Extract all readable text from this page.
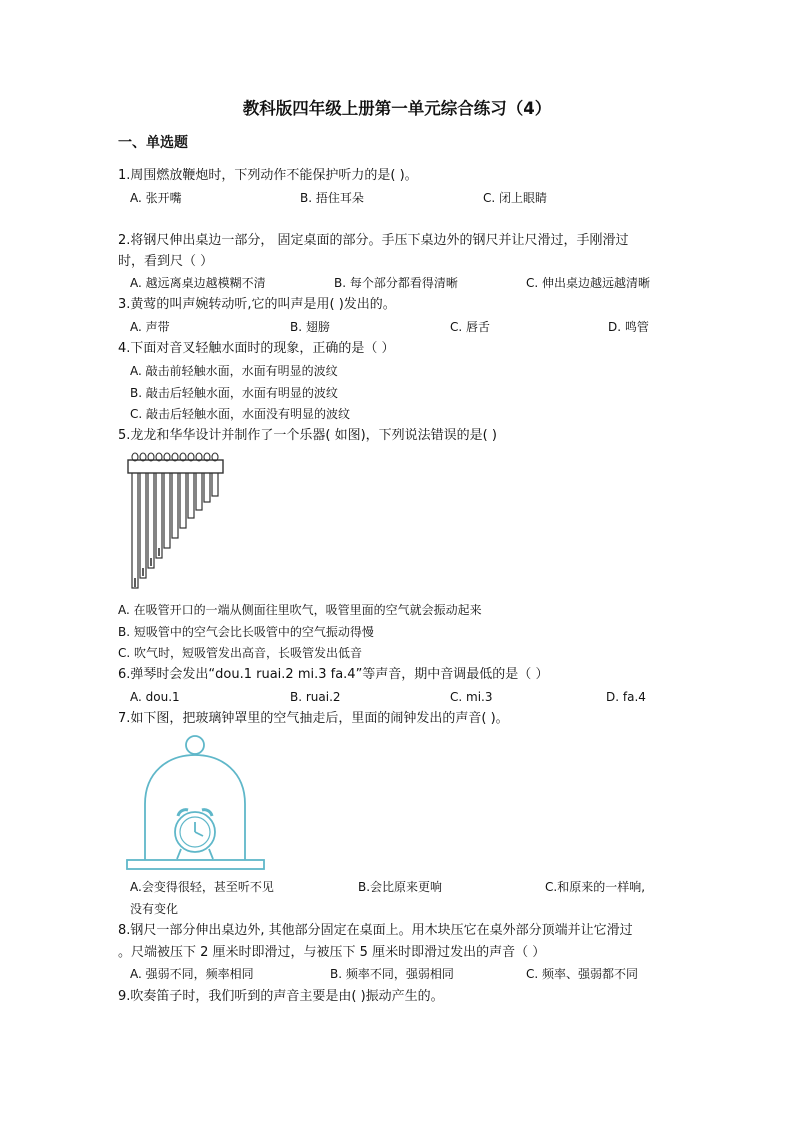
教科版四年级上册第一单元综合练习（4）
一、单选题
1.周围燃放鞭炮时，下列动作不能保护听力的是( )。
A. 张开嘴	B. 捂住耳朵	C. 闭上眼睛
2.将钢尺伸出桌边一部分， 固定桌面的部分。手压下桌边外的钢尺并让尺滑过，手刚滑过
时，看到尺（ ）
A. 越远离桌边越模糊不清	B. 每个部分都看得清晰	C. 伸出桌边越远越清晰
3.黄莺的叫声婉转动听,它的叫声是用( )发出的。
A. 声带	B. 翅膀	C. 唇舌	D. 鸣管
4.下面对音叉轻触水面时的现象，正确的是（ ）
A. 敲击前轻触水面，水面有明显的波纹
B. 敲击后轻触水面，水面有明显的波纹
C. 敲击后轻触水面，水面没有明显的波纹
5.龙龙和华华设计并制作了一个乐器( 如图)，下列说法错误的是( )
A. 在吸管开口的一端从侧面往里吹气，吸管里面的空气就会振动起来
B. 短吸管中的空气会比长吸管中的空气振动得慢
C. 吹气时，短吸管发出高音，长吸管发出低音
6.弹琴时会发出“dou.1 ruai.2 mi.3 fa.4”等声音，期中音调最低的是（ ）
A. dou.1	B. ruai.2	C. mi.3	D. fa.4
7.如下图，把玻璃钟罩里的空气抽走后，里面的闹钟发出的声音( )。
A.会变得很轻，甚至听不见	B.会比原来更响	C.和原来的一样响,
没有变化
8.钢尺一部分伸出桌边外, 其他部分固定在桌面上。用木块压它在桌外部分顶端并让它滑过
。尺端被压下 2 厘米时即滑过，与被压下 5 厘米时即滑过发出的声音（ ）
A. 强弱不同，频率相同	B. 频率不同，强弱相同	C. 频率、强弱都不同
9.吹奏笛子时，我们听到的声音主要是由( )振动产生的。
